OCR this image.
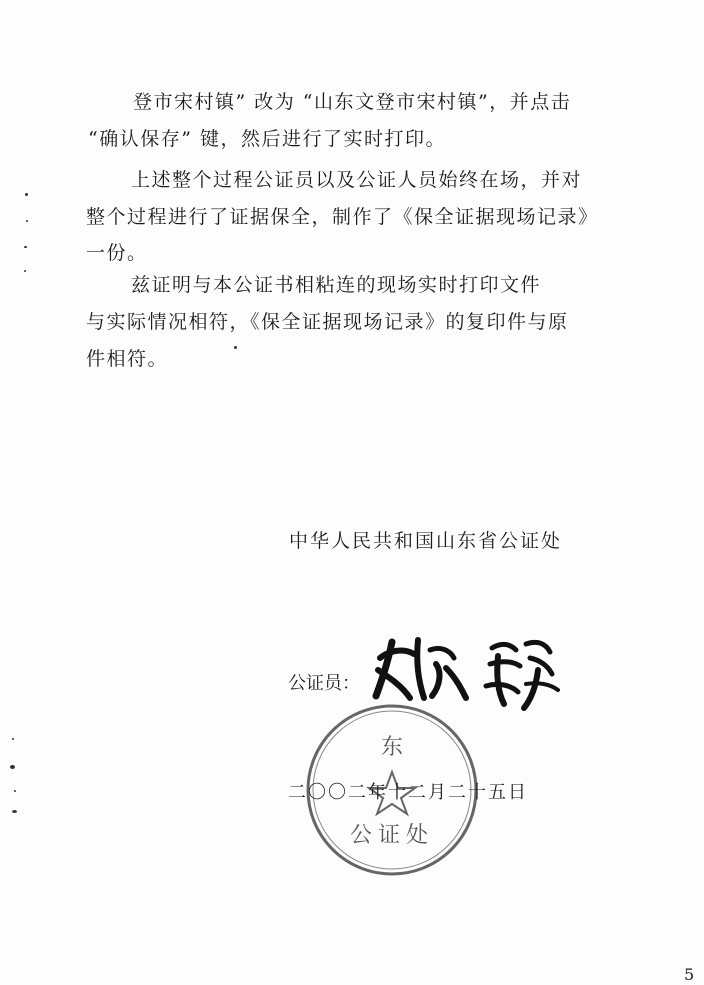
登市宋村镇” 改为 “山东文登市宋村镇”，并点击
“确认保存” 键，然后进行了实时打印。
上述整个过程公证员以及公证人员始终在场，并对
整个过程进行了证据保全，制作了《保全证据现场记录》
一份。
兹证明与本公证书相粘连的现场实时打印文件
与实际情况相符，《保全证据现场记录》的复印件与原
件相符。
中华人民共和国山东省公证处
公证员：
东
公证处
二〇〇二年十二月二十五日
5
